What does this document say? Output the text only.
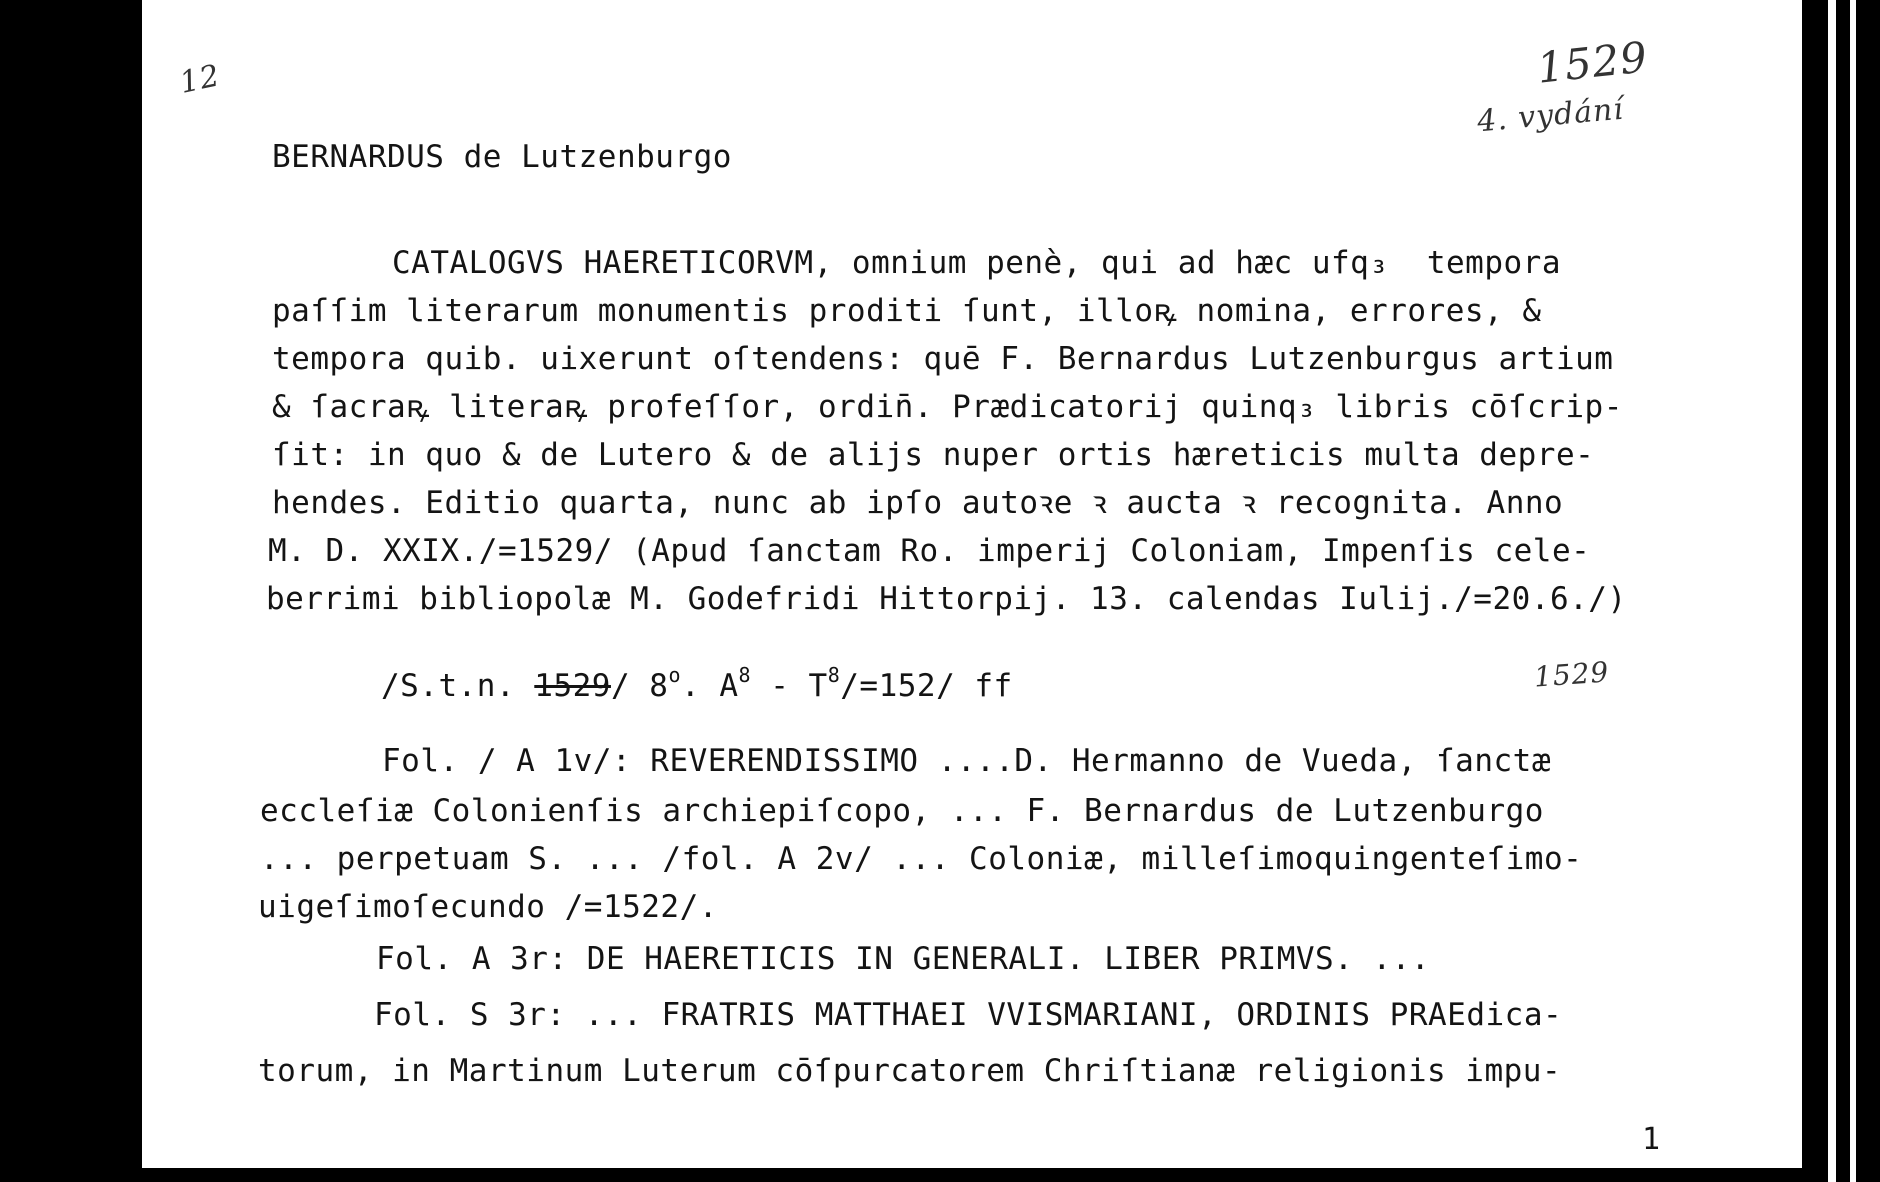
12	1529
4. vydání
BERNARDUS de Lutzenburgo
CATALOGVS HAERETICORVM, omnium penè, qui ad hæc ufq₃  tempora
paſſim literarum monumentis proditi ſunt, illoꝶ nomina, errores, &
tempora quib. uixerunt oſtendens: quē F. Bernardus Lutzenburgus artium
& ſacraꝶ literaꝶ profeſſor, ordin̄. Prædicatorij quinq₃ libris cōſcrip-
ſit: in quo & de Lutero & de alijs nuper ortis hæreticis multa depre-
hendes. Editio quarta, nunc ab ipſo autoꝛe ꝛ aucta ꝛ recognita. Anno
M. D. XXIX./=1529/ (Apud ſanctam Ro. imperij Coloniam, Impenſis cele-
berrimi bibliopolæ M. Godefridi Hittorpij. 13. calendas Iulij./=20.6./)

/S.t.n. 1529/ 8$^o$. $A^8 - T^8/=152/$ ff
	1529
Fol. / A 1v/: REVERENDISSIMO ....D. Hermanno de Vueda, ſanctæ
eccleſiæ Colonienſis archiepiſcopo, ... F. Bernardus de Lutzenburgo
... perpetuam S. ... /fol. A 2v/ ... Coloniæ, milleſimoquingenteſimo-
uigeſimoſecundo /=1522/.
Fol. A 3r: DE HAERETICIS IN GENERALI. LIBER PRIMVS. ...
Fol. S 3r: ... FRATRIS MATTHAEI VVISMARIANI, ORDINIS PRAEdica-
torum, in Martinum Luterum cōſpurcatorem Chriſtianæ religionis impu-
1
